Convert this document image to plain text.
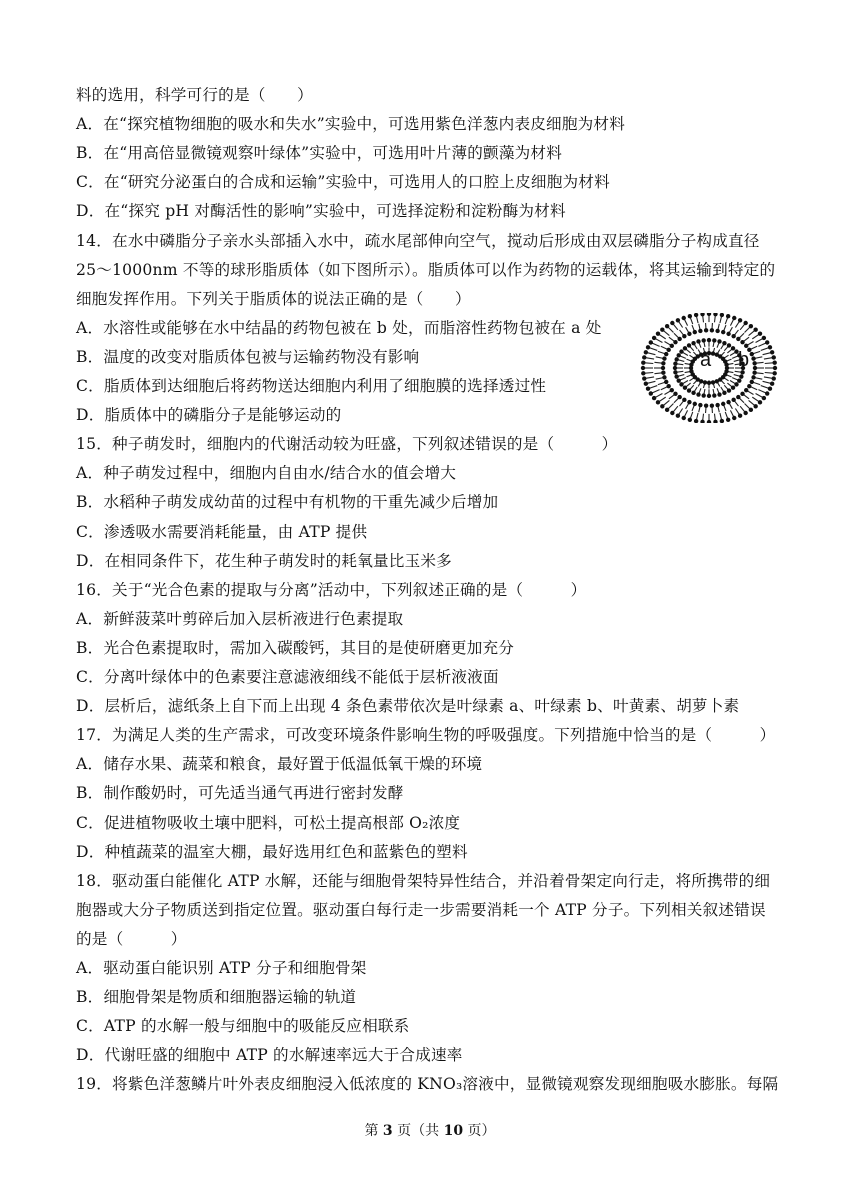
料的选用，科学可行的是（　　）
A．在“探究植物细胞的吸水和失水”实验中，可选用紫色洋葱内表皮细胞为材料
B．在“用高倍显微镜观察叶绿体”实验中，可选用叶片薄的颤藻为材料
C．在“研究分泌蛋白的合成和运输”实验中，可选用人的口腔上皮细胞为材料
D．在“探究 pH 对酶活性的影响”实验中，可选择淀粉和淀粉酶为材料
14．在水中磷脂分子亲水头部插入水中，疏水尾部伸向空气，搅动后形成由双层磷脂分子构成直径
25～1000nm 不等的球形脂质体（如下图所示）。脂质体可以作为药物的运载体，将其运输到特定的
细胞发挥作用。下列关于脂质体的说法正确的是（　　）
A．水溶性或能够在水中结晶的药物包被在 b 处，而脂溶性药物包被在 a 处
B．温度的改变对脂质体包被与运输药物没有影响
C．脂质体到达细胞后将药物送达细胞内利用了细胞膜的选择透过性
D．脂质体中的磷脂分子是能够运动的
15．种子萌发时，细胞内的代谢活动较为旺盛，下列叙述错误的是（　　　）
A．种子萌发过程中，细胞内自由水/结合水的值会增大
B．水稻种子萌发成幼苗的过程中有机物的干重先减少后增加
C．渗透吸水需要消耗能量，由 ATP 提供
D．在相同条件下，花生种子萌发时的耗氧量比玉米多
16．关于“光合色素的提取与分离”活动中，下列叙述正确的是（　　　）
A．新鲜菠菜叶剪碎后加入层析液进行色素提取
B．光合色素提取时，需加入碳酸钙，其目的是使研磨更加充分
C．分离叶绿体中的色素要注意滤液细线不能低于层析液液面
D．层析后，滤纸条上自下而上出现 4 条色素带依次是叶绿素 a、叶绿素 b、叶黄素、胡萝卜素
17．为满足人类的生产需求，可改变环境条件影响生物的呼吸强度。下列措施中恰当的是（　　　）
A．储存水果、蔬菜和粮食，最好置于低温低氧干燥的环境
B．制作酸奶时，可先适当通气再进行密封发酵
C．促进植物吸收土壤中肥料，可松土提高根部 O₂浓度
D．种植蔬菜的温室大棚，最好选用红色和蓝紫色的塑料
18．驱动蛋白能催化 ATP 水解，还能与细胞骨架特异性结合，并沿着骨架定向行走，将所携带的细
胞器或大分子物质送到指定位置。驱动蛋白每行走一步需要消耗一个 ATP 分子。下列相关叙述错误
的是（　　　）
A．驱动蛋白能识别 ATP 分子和细胞骨架
B．细胞骨架是物质和细胞器运输的轨道
C．ATP 的水解一般与细胞中的吸能反应相联系
D．代谢旺盛的细胞中 ATP 的水解速率远大于合成速率
19．将紫色洋葱鳞片叶外表皮细胞浸入低浓度的 KNO₃溶液中，显微镜观察发现细胞吸水膨胀。每隔
a b
第 3 页（共 10 页）
